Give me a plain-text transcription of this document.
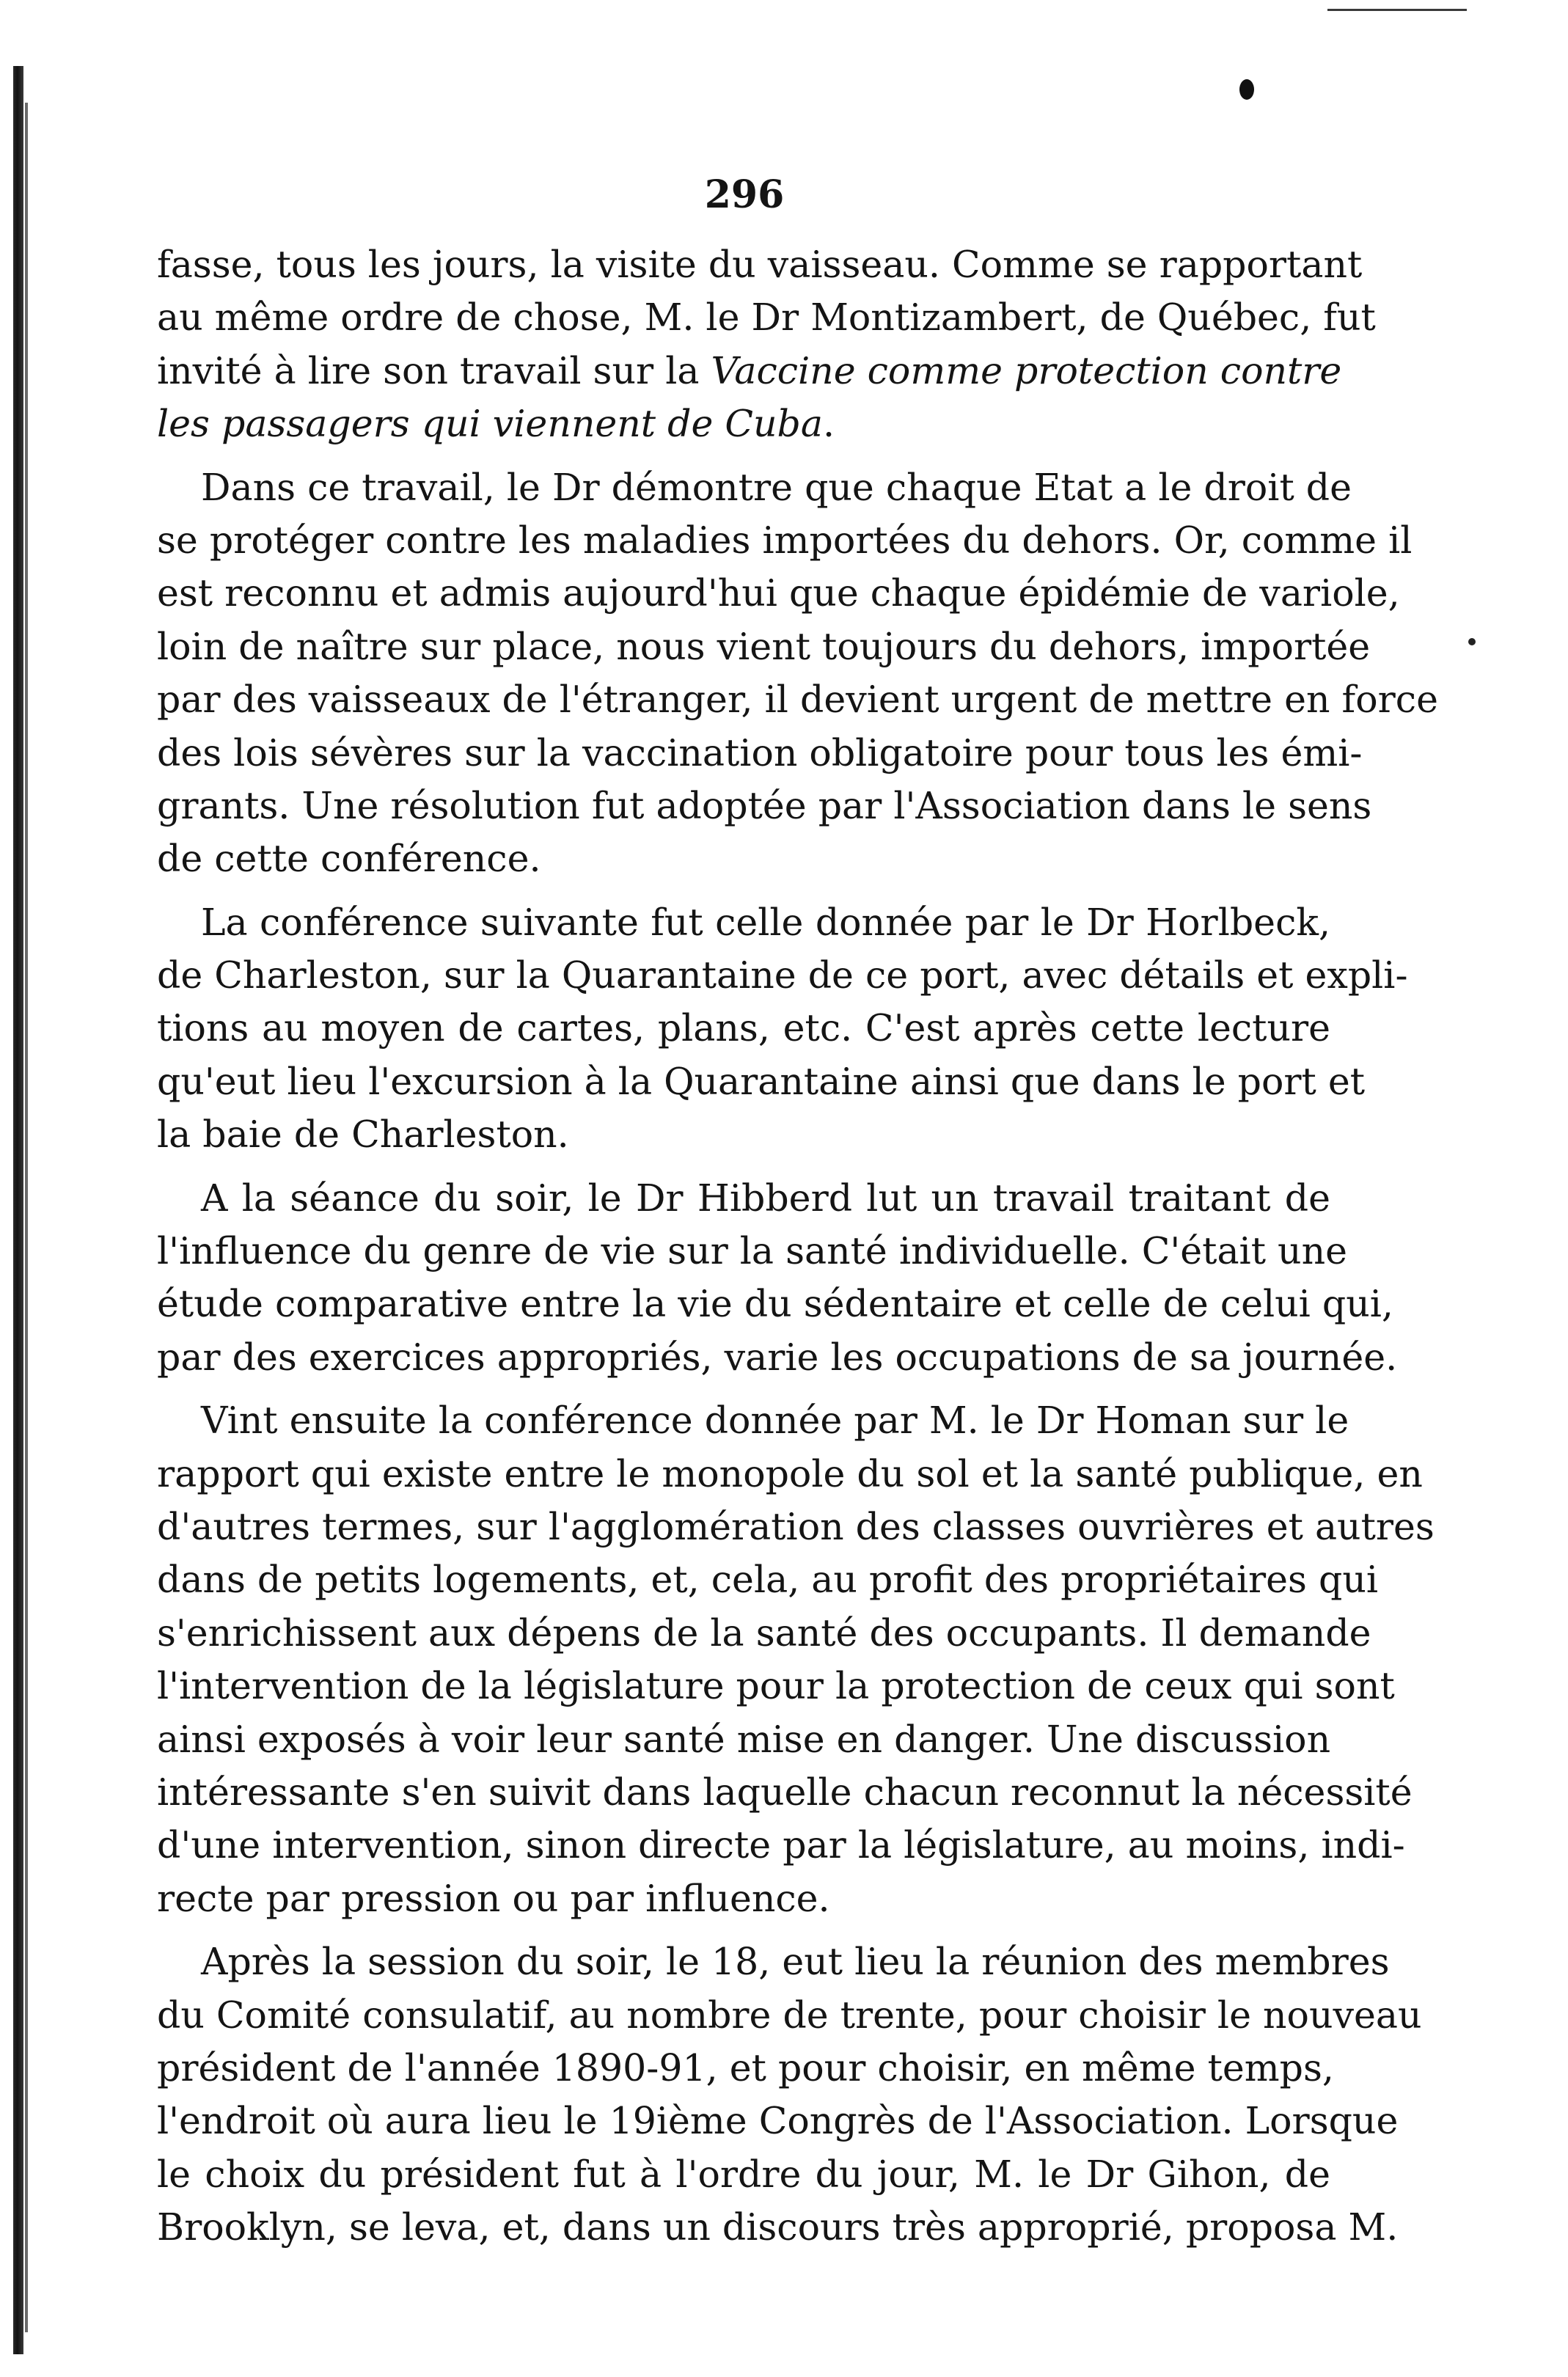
296
fasse, tous les jours, la visite du vaisseau. Comme se rapportant
au même ordre de chose, M. le Dr Montizambert, de Québec, fut
invité à lire son travail sur la Vaccine comme protection contre
les passagers qui viennent de Cuba.
Dans ce travail, le Dr démontre que chaque Etat a le droit de
se protéger contre les maladies importées du dehors. Or, comme il
est reconnu et admis aujourd'hui que chaque épidémie de variole,
loin de naître sur place, nous vient toujours du dehors, importée
par des vaisseaux de l'étranger, il devient urgent de mettre en force
des lois sévères sur la vaccination obligatoire pour tous les émi-
grants. Une résolution fut adoptée par l'Association dans le sens
de cette conférence.
La conférence suivante fut celle donnée par le Dr Horlbeck,
de Charleston, sur la Quarantaine de ce port, avec détails et expli-
tions au moyen de cartes, plans, etc. C'est après cette lecture
qu'eut lieu l'excursion à la Quarantaine ainsi que dans le port et
la baie de Charleston.
A la séance du soir, le Dr Hibberd lut un travail traitant de
l'influence du genre de vie sur la santé individuelle. C'était une
étude comparative entre la vie du sédentaire et celle de celui qui,
par des exercices appropriés, varie les occupations de sa journée.
Vint ensuite la conférence donnée par M. le Dr Homan sur le
rapport qui existe entre le monopole du sol et la santé publique, en
d'autres termes, sur l'agglomération des classes ouvrières et autres
dans de petits logements, et, cela, au profit des propriétaires qui
s'enrichissent aux dépens de la santé des occupants. Il demande
l'intervention de la législature pour la protection de ceux qui sont
ainsi exposés à voir leur santé mise en danger. Une discussion
intéressante s'en suivit dans laquelle chacun reconnut la nécessité
d'une intervention, sinon directe par la législature, au moins, indi-
recte par pression ou par influence.
Après la session du soir, le 18, eut lieu la réunion des membres
du Comité consulatif, au nombre de trente, pour choisir le nouveau
président de l'année 1890-91, et pour choisir, en même temps,
l'endroit où aura lieu le 19ième Congrès de l'Association. Lorsque
le choix du président fut à l'ordre du jour, M. le Dr Gihon, de
Brooklyn, se leva, et, dans un discours très approprié, proposa M.
